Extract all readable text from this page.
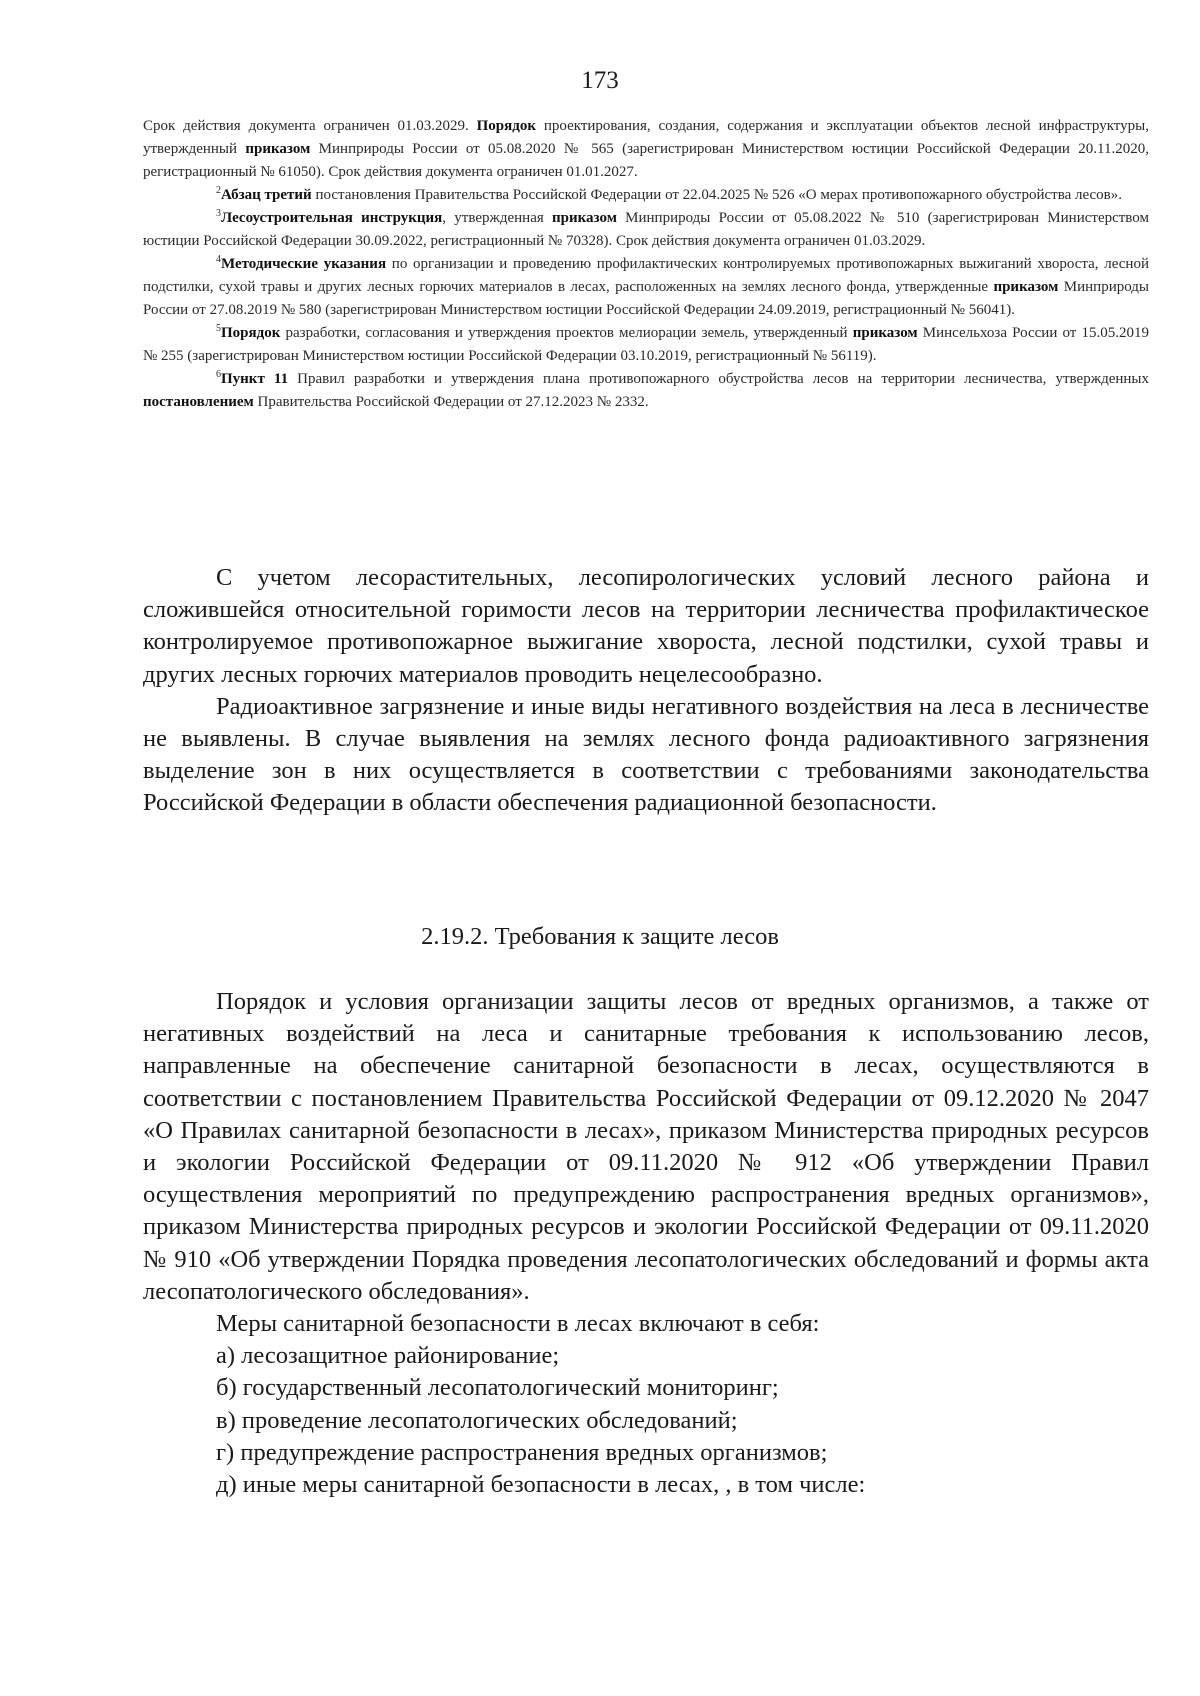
173

Срок действия документа ограничен 01.03.2029. Порядок проектирования, создания, содержания и эксплуатации объектов лесной инфраструктуры, утвержденный приказом Минприроды России от 05.08.2020 № 565 (зарегистрирован Министерством юстиции Российской Федерации 20.11.2020, регистрационный № 61050). Срок действия документа ограничен 01.01.2027.

$^2$Абзац третий постановления Правительства Российской Федерации от 22.04.2025 № 526 «О мерах противопожарного обустройства лесов».

$^3$Лесоустроительная инструкция, утвержденная приказом Минприроды России от 05.08.2022 № 510 (зарегистрирован Министерством юстиции Российской Федерации 30.09.2022, регистрационный № 70328). Срок действия документа ограничен 01.03.2029.

$^4$Методические указания по организации и проведению профилактических контролируемых противопожарных выжиганий хвороста, лесной подстилки, сухой травы и других лесных горючих материалов в лесах, расположенных на землях лесного фонда, утвержденные приказом Минприроды России от 27.08.2019 № 580 (зарегистрирован Министерством юстиции Российской Федерации 24.09.2019, регистрационный № 56041).

$^5$Порядок разработки, согласования и утверждения проектов мелиорации земель, утвержденный приказом Минсельхоза России от 15.05.2019 № 255 (зарегистрирован Министерством юстиции Российской Федерации 03.10.2019, регистрационный № 56119).

$^6$Пункт 11 Правил разработки и утверждения плана противопожарного обустройства лесов на территории лесничества, утвержденных постановлением Правительства Российской Федерации от 27.12.2023 № 2332.

С учетом лесорастительных, лесопирологических условий лесного района и сложившейся относительной горимости лесов на территории лесничества профилактическое контролируемое противопожарное выжигание хвороста, лесной подстилки, сухой травы и других лесных горючих материалов проводить нецелесообразно.

Радиоактивное загрязнение и иные виды негативного воздействия на леса в лесничестве не выявлены. В случае выявления на землях лесного фонда радиоактивного загрязнения выделение зон в них осуществляется в соответствии с требованиями законодательства Российской Федерации в области обеспечения радиационной безопасности.

2.19.2. Требования к защите лесов

Порядок и условия организации защиты лесов от вредных организмов, а также от негативных воздействий на леса и санитарные требования к использованию лесов, направленные на обеспечение санитарной безопасности в лесах, осуществляются в соответствии с постановлением Правительства Российской Федерации от 09.12.2020 № 2047 «О Правилах санитарной безопасности в лесах», приказом Министерства природных ресурсов и экологии Российской Федерации от 09.11.2020 № 912 «Об утверждении Правил осуществления мероприятий по предупреждению распространения вредных организмов», приказом Министерства природных ресурсов и экологии Российской Федерации от 09.11.2020 № 910 «Об утверждении Порядка проведения лесопатологических обследований и формы акта лесопатологического обследования».

Меры санитарной безопасности в лесах включают в себя:

а) лесозащитное районирование;

б) государственный лесопатологический мониторинг;

в) проведение лесопатологических обследований;

г) предупреждение распространения вредных организмов;

д) иные меры санитарной безопасности в лесах, , в том числе:
